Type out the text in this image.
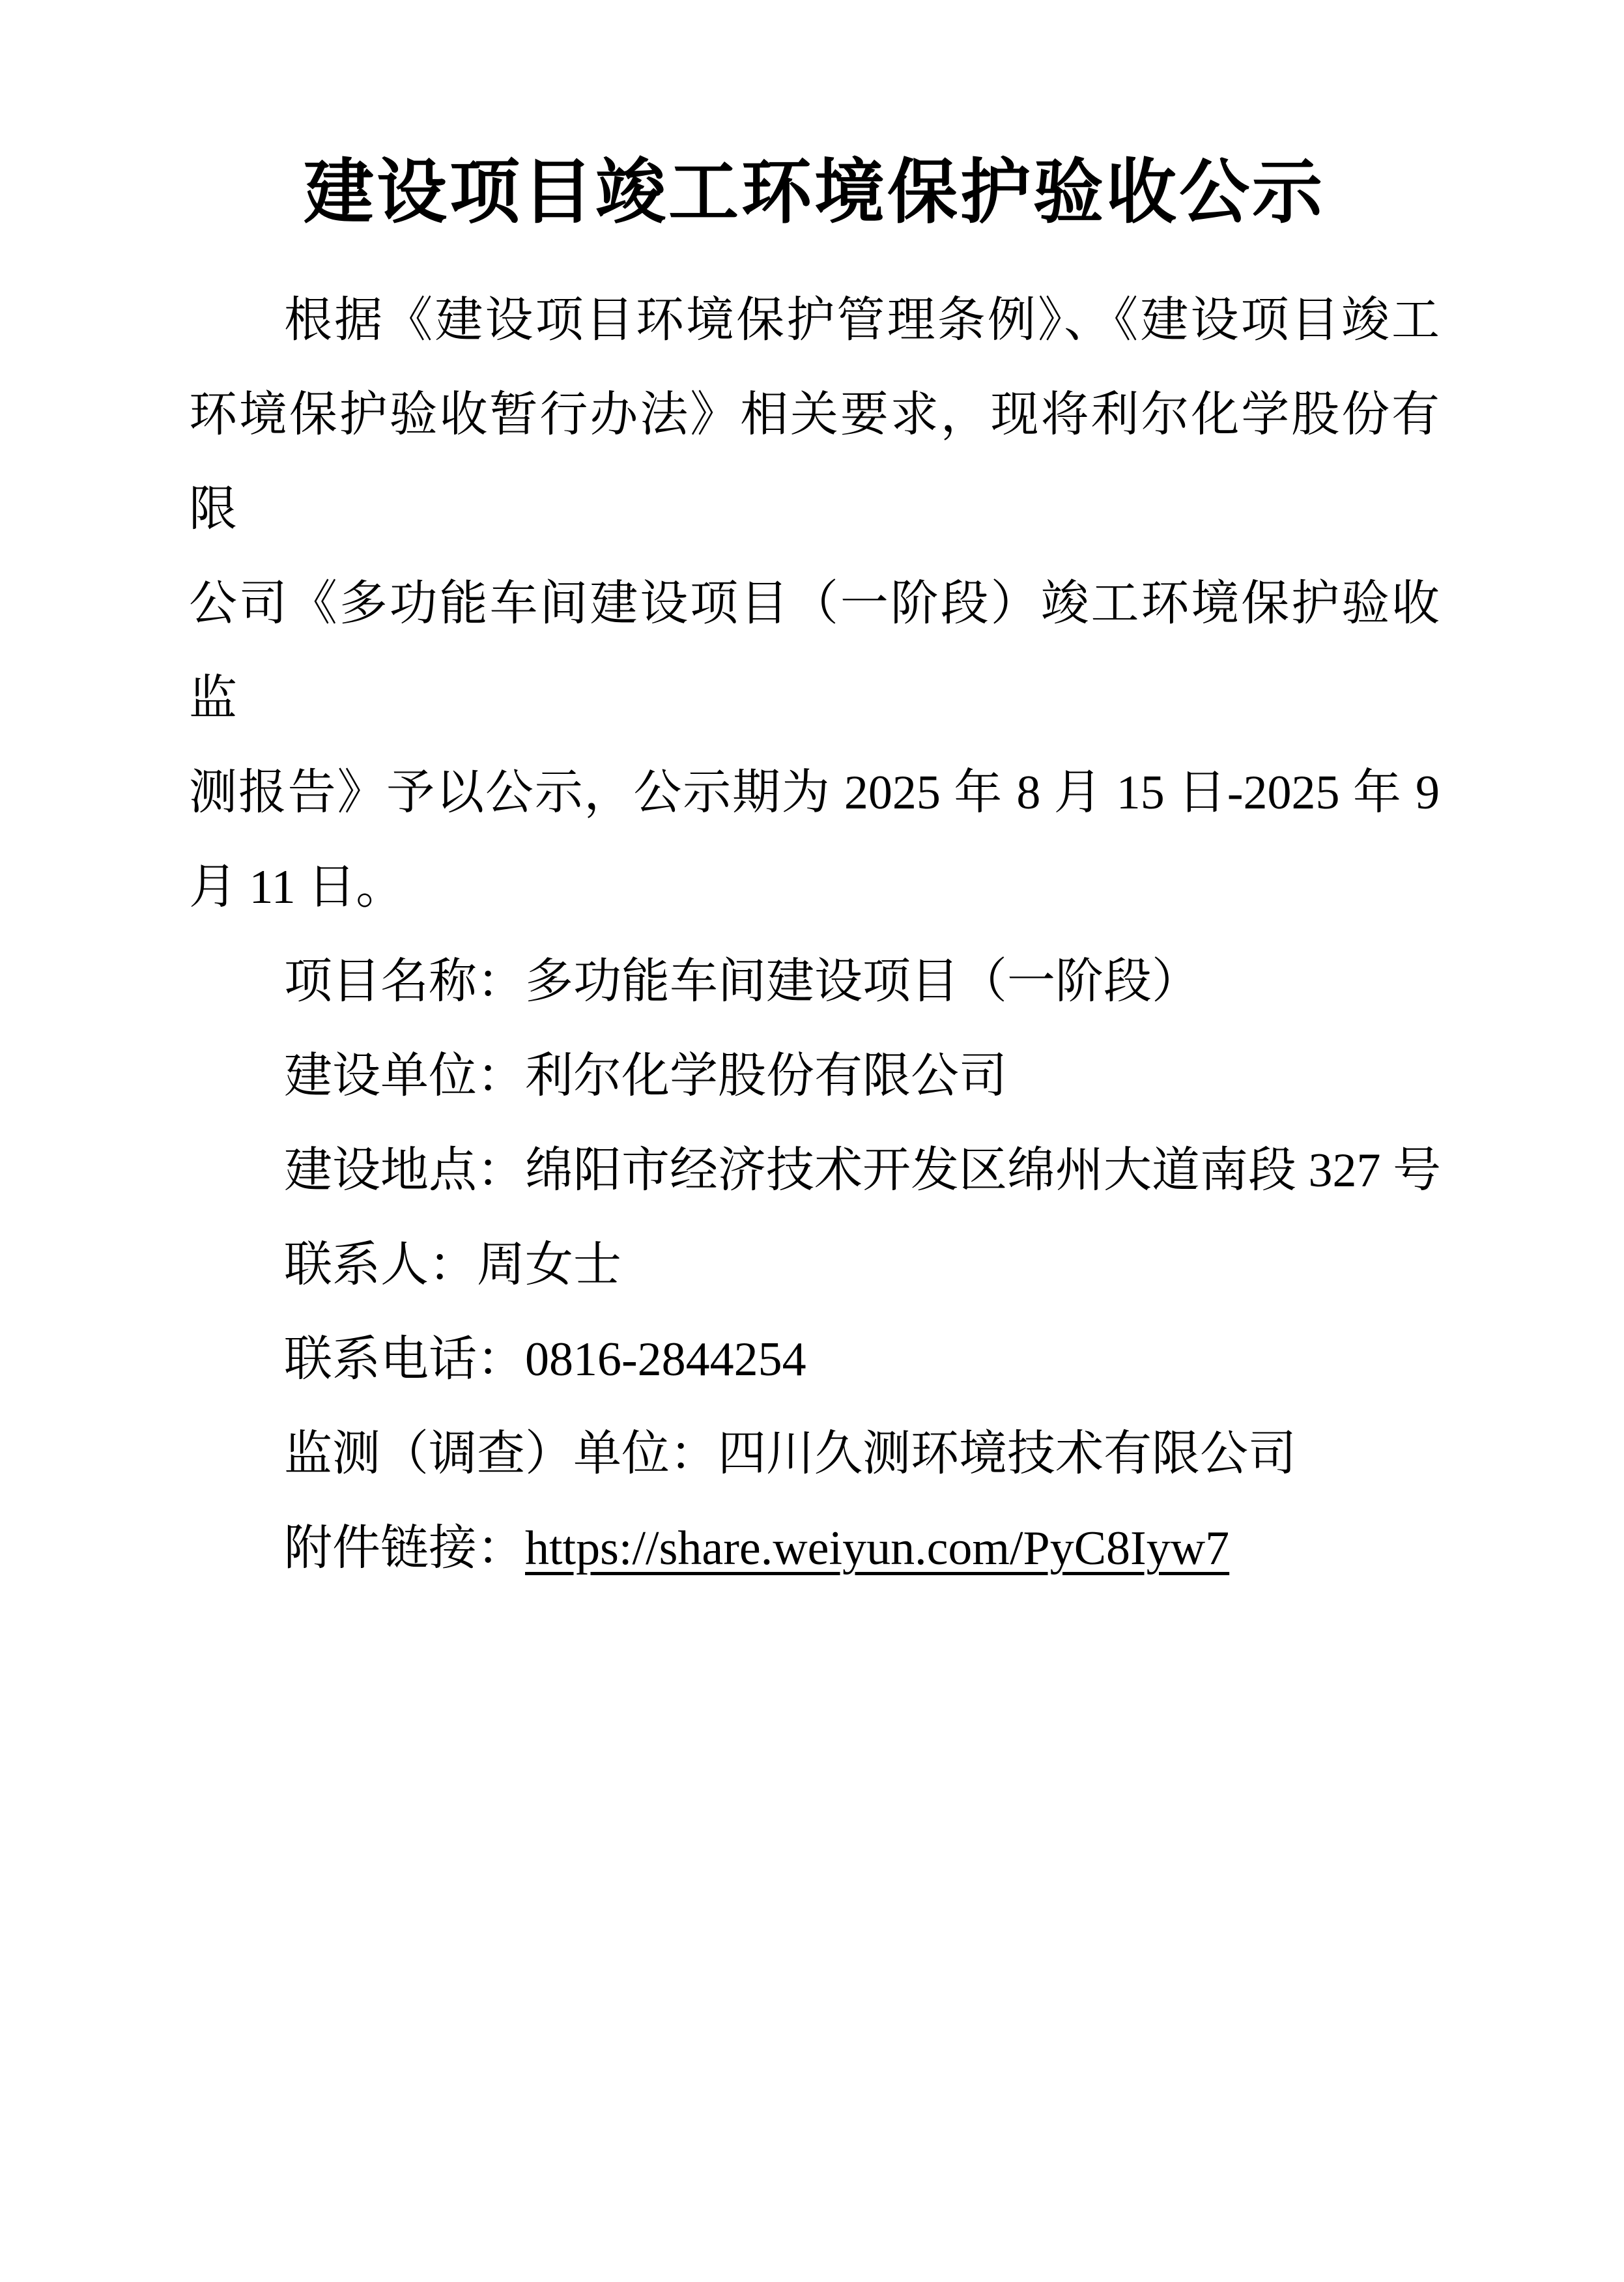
建设项目竣工环境保护验收公示
根据《建设项目环境保护管理条例》、《建设项目竣工
环境保护验收暂行办法》相关要求，现将利尔化学股份有限
公司《多功能车间建设项目（一阶段）竣工环境保护验收监
测报告》予以公示，公示期为 2025 年 8 月 15 日-2025 年 9
月 11 日。
项目名称：多功能车间建设项目（一阶段）
建设单位：利尔化学股份有限公司
建设地点：绵阳市经济技术开发区绵州大道南段 327 号
联系人：周女士
联系电话：0816-2844254
监测（调查）单位：四川久测环境技术有限公司
附件链接：https://share.weiyun.com/PyC8Iyw7
